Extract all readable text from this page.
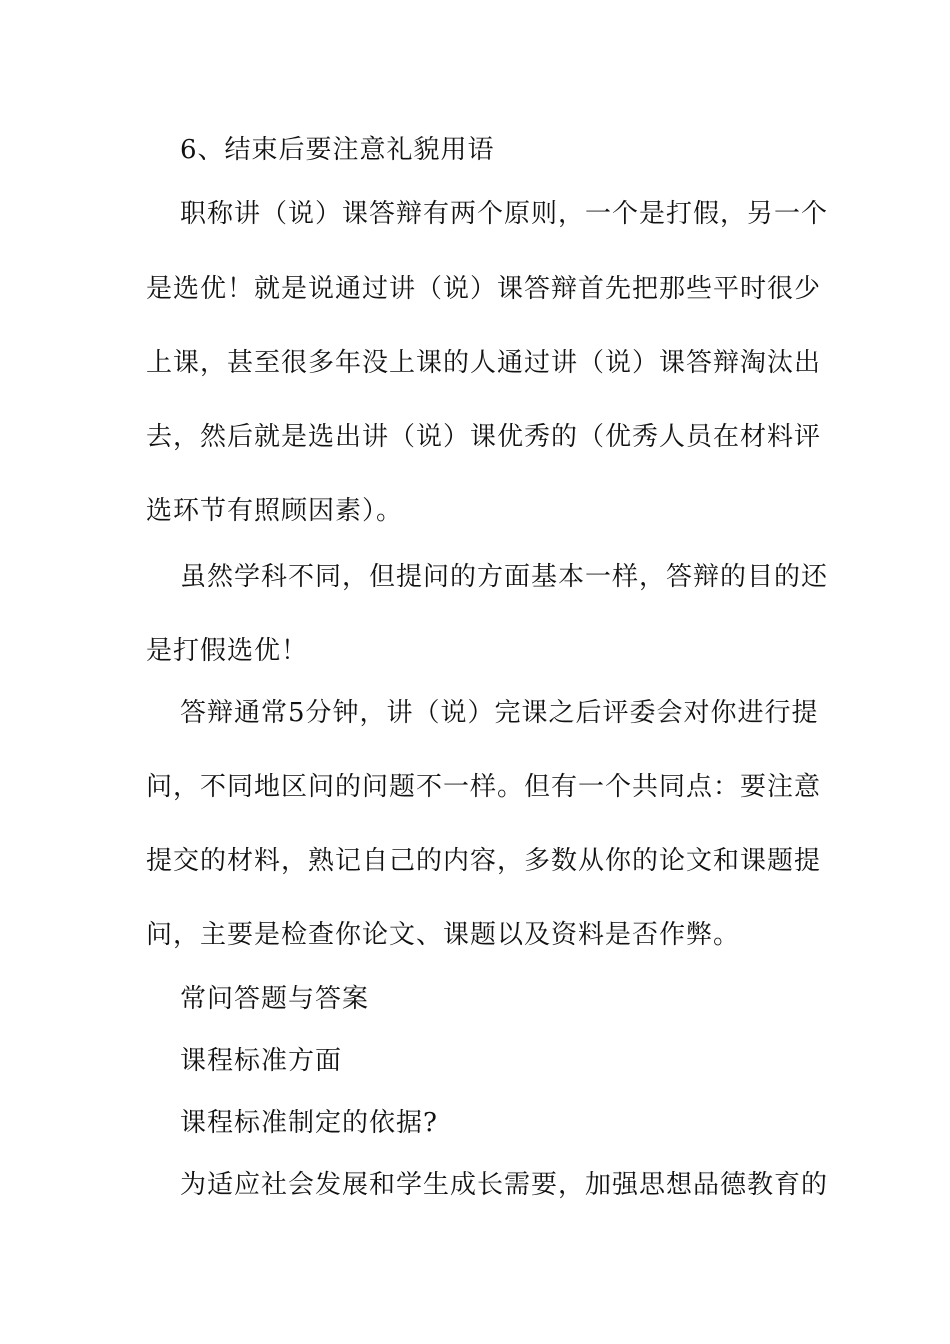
6、结束后要注意礼貌用语
职称讲（说）课答辩有两个原则，一个是打假，另一个
是选优！就是说通过讲（说）课答辩首先把那些平时很少
上课，甚至很多年没上课的人通过讲（说）课答辩淘汰出
去，然后就是选出讲（说）课优秀的（优秀人员在材料评
选环节有照顾因素）。
虽然学科不同，但提问的方面基本一样，答辩的目的还
是打假选优！
答辩通常5分钟，讲（说）完课之后评委会对你进行提
问，不同地区问的问题不一样。但有一个共同点：要注意
提交的材料，熟记自己的内容，多数从你的论文和课题提
问，主要是检查你论文、课题以及资料是否作弊。
常问答题与答案
课程标准方面
课程标准制定的依据?
为适应社会发展和学生成长需要，加强思想品德教育的
